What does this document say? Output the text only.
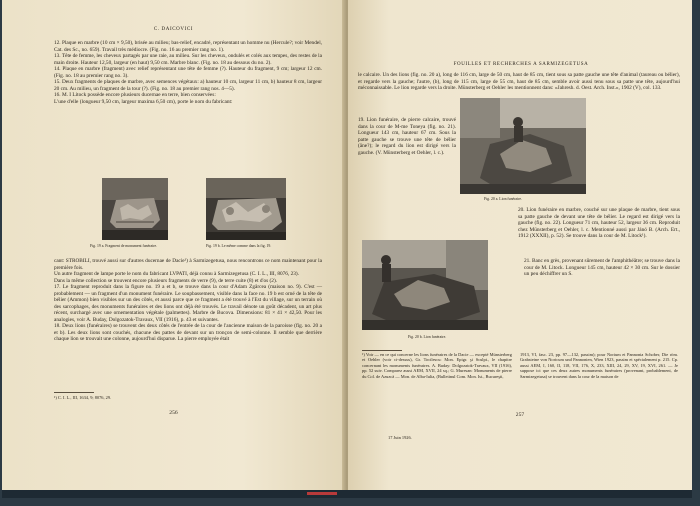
C. DAICOVICI

12. Plaque en marbre (10 cm × 9,50), brisée au milieu; bas-relief, encadré, représentant un homme nu (Hercule?; voir Mendel, Cat. des Sc., no. 659). Travail très médiocre. (Fig. no. 16 au premier rang no. 1).

13. Tête de femme, les cheveux partagés par une raie, au milieu. Sur les cheveux, ondulés et colés aux tempes, des restes de la main droite. Hauteur 12,50, largeur (en haut) 9,50 cm. Marbre blanc. (Fig. no. 18 au dessous du no. 2).

14. Plaque en marbre (fragment) avec relief représentant une tête de femme (?). Hauteur du fragment, 9 cm; largeur 12 cm. (Fig. no. 18 au premier rang no. 3).

15. Deux fragments de plaques de marbre, avec semences végétaux: a) hauteur 10 cm, largeur 11 cm, b) hauteur 8 cm, largeur 20 cm. Au milieu, un fragment de la tour (?). (Fig. no. 18 au premier rang nos. 4—5).

16. M. I Litock possède encore plusieurs ducernae en terre, bien conservées:

L'une d'elle (longueur 9,50 cm, largeur maxima 6,50 cm), porte le nom du fabricant:

Fig. 19 a. Fragment de monument funéraire.	Fig. 19 b. Le même comme dans la fig. 19.

cant: STROBILI, trouvé aussi sur d'autres ducernae de Dacie¹) à Sarmizegetusa, nous rencontrons ce nom maintenant pour la première fois.

Un autre fragment de lampe porte le nom du fabricant LVPATI, déjà connu à Sarmizegetusa (C. I. L., III, 8076, 23).

Dans la même collection se trouvent encore plusieurs fragments de verre (9), de terre cuite (8) et d'os (2).

17. Le fragment reproduit dans la figure no. 19 a et b, se trouve dans la cour d'Adam Zgârcea (maison no. 9). C'est — probablement — un fragment d'un monument funéraire. Le soupbassement, visible dans la face no. 19 b est orné de la tête de bélier (Ammon) bien visibles sur un des côtés, et aussi parce que ce fragment a été trouvé à l'Est du village, sur un terrain où des sarcophages, des monuments funéraires et des lions ont déjà été trouvés. Le travail dénote un goût décadent, un art plus récent, surchargé avec une ornementation végétale (palmettes). Marbre de Bucova. Dimensions: 81 × 41 × 42,50. Pour les analogies, voir A. Buday, Dolgozatok-Travaux, VII (1916), p. 43 et suivantes.

18. Deux lions (funéraires) se trouvent des deux côtés de l'entrée de la cour de l'ancienne maison de la paroisse (fig. no. 20 a et b). Les deux lions sont couchés, chacune des pattes de devant sur un tronçon de semi-colonne. Il semble que derrière chaque lion se trouvait une colonne, aujourd'hui disparue. La pierre employée était

¹) C. I. L., III, 1634, 9; 8076, 29.
256
FOUILLES ET RECHERCHES A SARMIZEGETUSA
le calcaire. Un des lions (fig. no. 20 a), long de 116 cm, large de 50 cm, haut de 85 cm, tient sous sa patte gauche une tête d'animal (taureau ou bélier), et regarde vers la gauche; l'autre, (b), long de 115 cm, large de 55 cm, haut de 85 cm, semble avoir aussi tenu sous sa patte une tête, aujourd'hui méconnaissable. Le lion regarde vers la droite. Münsterberg et Oehler les mentionnent dans: «Jahresh. d. Oest. Arch. Inst.», 1902 (V), col. 133.
19. Lion funéraire, de pierre calcaire, trouvé dans la cour de M-me Toneya (fig. no. 21). Longueur 143 cm, hauteur 67 cm. Sous la patte gauche se trouve une tête de bélier (âne?); le regard du lion est dirigé vers la gauche. (V. Münsterberg et Oehler, l. c.).
Fig. 20 a. Lion funéraire.
20. Lion funéraire en marbre, couché sur une plaque de marbre, tient sous sa patte gauche de devant une tête de bélier. Le regard est dirigé vers la gauche (fig. no. 22). Longueur 71 cm, hauteur 52, largeur 36 cm. Reproduit chez Münsterberg et Oehler, l. c. Mentionné aussi par Jánó B. (Arch. Ert., 1912 (XXXII), p. 52). Se trouve dans la cour de M. Litock¹).
21. Banc en grès, provenant sûrement de l'amphithéâtre; se trouve dans la cour de M. Litock. Longueur 145 cm, hauteur 42 × 30 cm. Sur le dossier un peu déchiffrer un S.
Fig. 20 b. Lion funéraire.
¹) Voir — en ce qui concerne les lions funéraires de la Dacie — excepté Münsterberg et Oehler (voir ci-dessus), Gr. Tocilescu: Mon. Epigr. şi Sculpt., le chapitre concernant les monuments funéraires. A. Buday: Dolgozatok-Travaux, VII (1916), pp. 52 suiv. Comparez aussi AEM, XVII, 24 sq.; G. Muresan: Monuments de pierre du Col. de Azuzcă — Mon. de Alba-Iulia, (Bulletinul Com. Mon. Ist., Bucureşti,
1913, VI, fasc. 23, pp. 97—132, passim); pour Norium et Pannonia Schober, Die röm. Grabsteine von Noricum und Pannonien, Wien 1923, passim et spécialement p. 215. Cp. aussi AEM, I, 160, II, 118, VII, 176, X, 233, XIII, 24, 29, XV, 19, XVI, 261. — Je suppose ici que ces deux autres monuments funéraires (provenant, probablement, de Sarmizegetusa) se trouvent dans la cour de la maison de
17 Juin 1926.
257
